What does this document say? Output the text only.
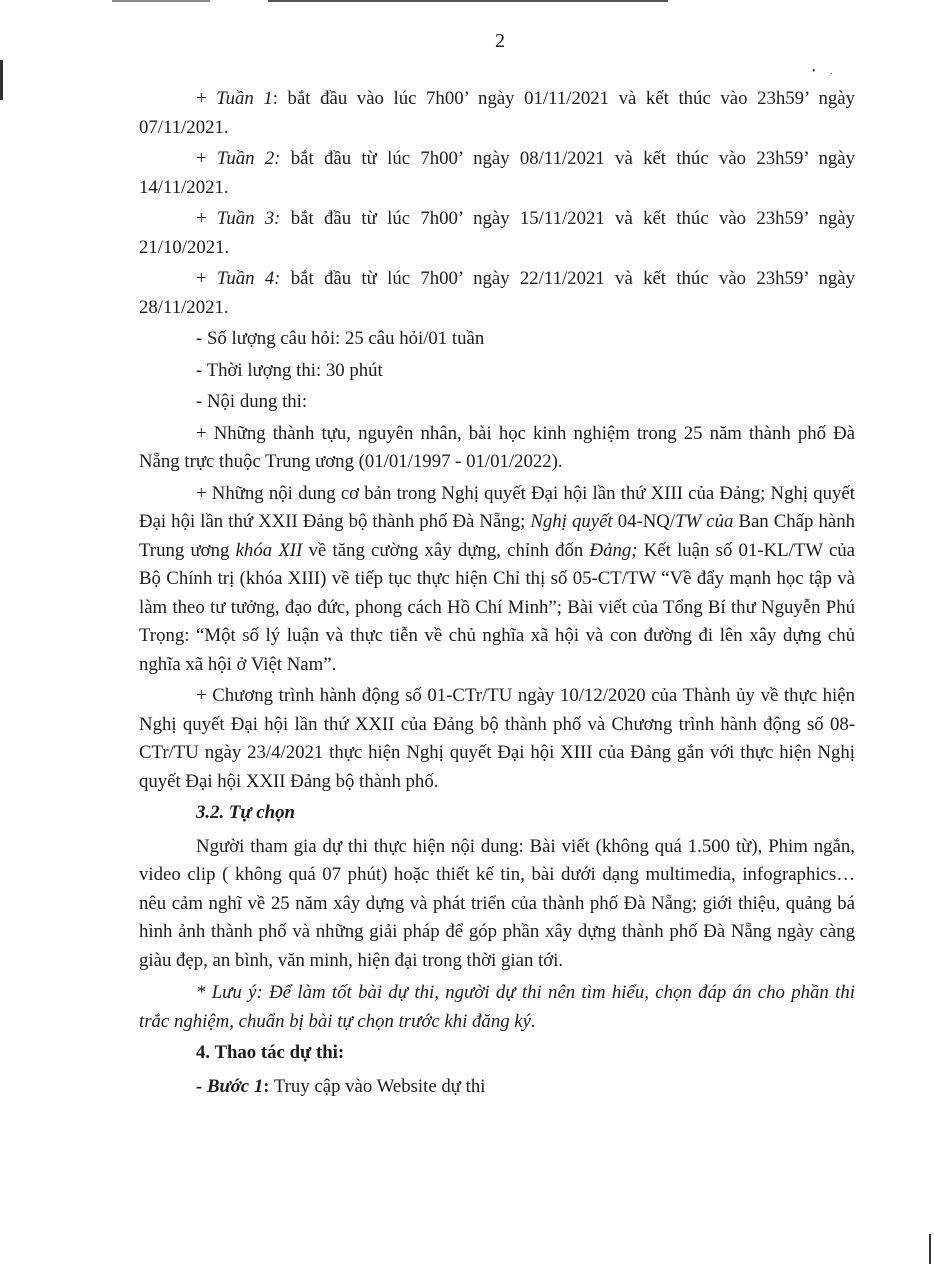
• .
2

+ Tuần 1: bắt đầu vào lúc 7h00’ ngày 01/11/2021 và kết thúc vào 23h59’ ngày 07/11/2021.

+ Tuần 2: bắt đầu từ lúc 7h00’ ngày 08/11/2021 và kết thúc vào 23h59’ ngày 14/11/2021.

+ Tuần 3: bắt đầu từ lúc 7h00’ ngày 15/11/2021 và kết thúc vào 23h59’ ngày 21/10/2021.

+ Tuần 4: bắt đầu từ lúc 7h00’ ngày 22/11/2021 và kết thúc vào 23h59’ ngày 28/11/2021.

- Số lượng câu hỏi: 25 câu hỏi/01 tuần

- Thời lượng thi: 30 phút

- Nội dung thi:

+ Những thành tựu, nguyên nhân, bài học kinh nghiệm trong 25 năm thành phố Đà Nẵng trực thuộc Trung ương (01/01/1997 - 01/01/2022).

+ Những nội dung cơ bản trong Nghị quyết Đại hội lần thứ XIII của Đảng; Nghị quyết Đại hội lần thứ XXII Đảng bộ thành phố Đà Nẵng; Nghị quyết 04-NQ/TW của Ban Chấp hành Trung ương khóa XII về tăng cường xây dựng, chỉnh đốn Đảng; Kết luận số 01-KL/TW của Bộ Chính trị (khóa XIII) về tiếp tục thực hiện Chỉ thị số 05-CT/TW “Về đẩy mạnh học tập và làm theo tư tưởng, đạo đức, phong cách Hồ Chí Minh”; Bài viết của Tổng Bí thư Nguyễn Phú Trọng: “Một số lý luận và thực tiễn về chủ nghĩa xã hội và con đường đi lên xây dựng chủ nghĩa xã hội ở Việt Nam”.

+ Chương trình hành động số 01-CTr/TU ngày 10/12/2020 của Thành ủy về thực hiện Nghị quyết Đại hội lần thứ XXII của Đảng bộ thành phố và Chương trình hành động số 08-CTr/TU ngày 23/4/2021 thực hiện Nghị quyết Đại hội XIII của Đảng gắn với thực hiện Nghị quyết Đại hội XXII Đảng bộ thành phố.

3.2. Tự chọn

Người tham gia dự thi thực hiện nội dung: Bài viết (không quá 1.500 từ), Phim ngắn, video clip ( không quá 07 phút) hoặc thiết kế tin, bài dưới dạng multimedia, infographics… nêu cảm nghĩ về 25 năm xây dựng và phát triển của thành phố Đà Nẵng; giới thiệu, quảng bá hình ảnh thành phố và những giải pháp để góp phần xây dựng thành phố Đà Nẵng ngày càng giàu đẹp, an bình, văn minh, hiện đại trong thời gian tới.

* Lưu ý: Để làm tốt bài dự thi, người dự thi nên tìm hiểu, chọn đáp án cho phần thi trắc nghiệm, chuẩn bị bài tự chọn trước khi đăng ký.

4. Thao tác dự thi:

- Bước 1: Truy cập vào Website dự thi
